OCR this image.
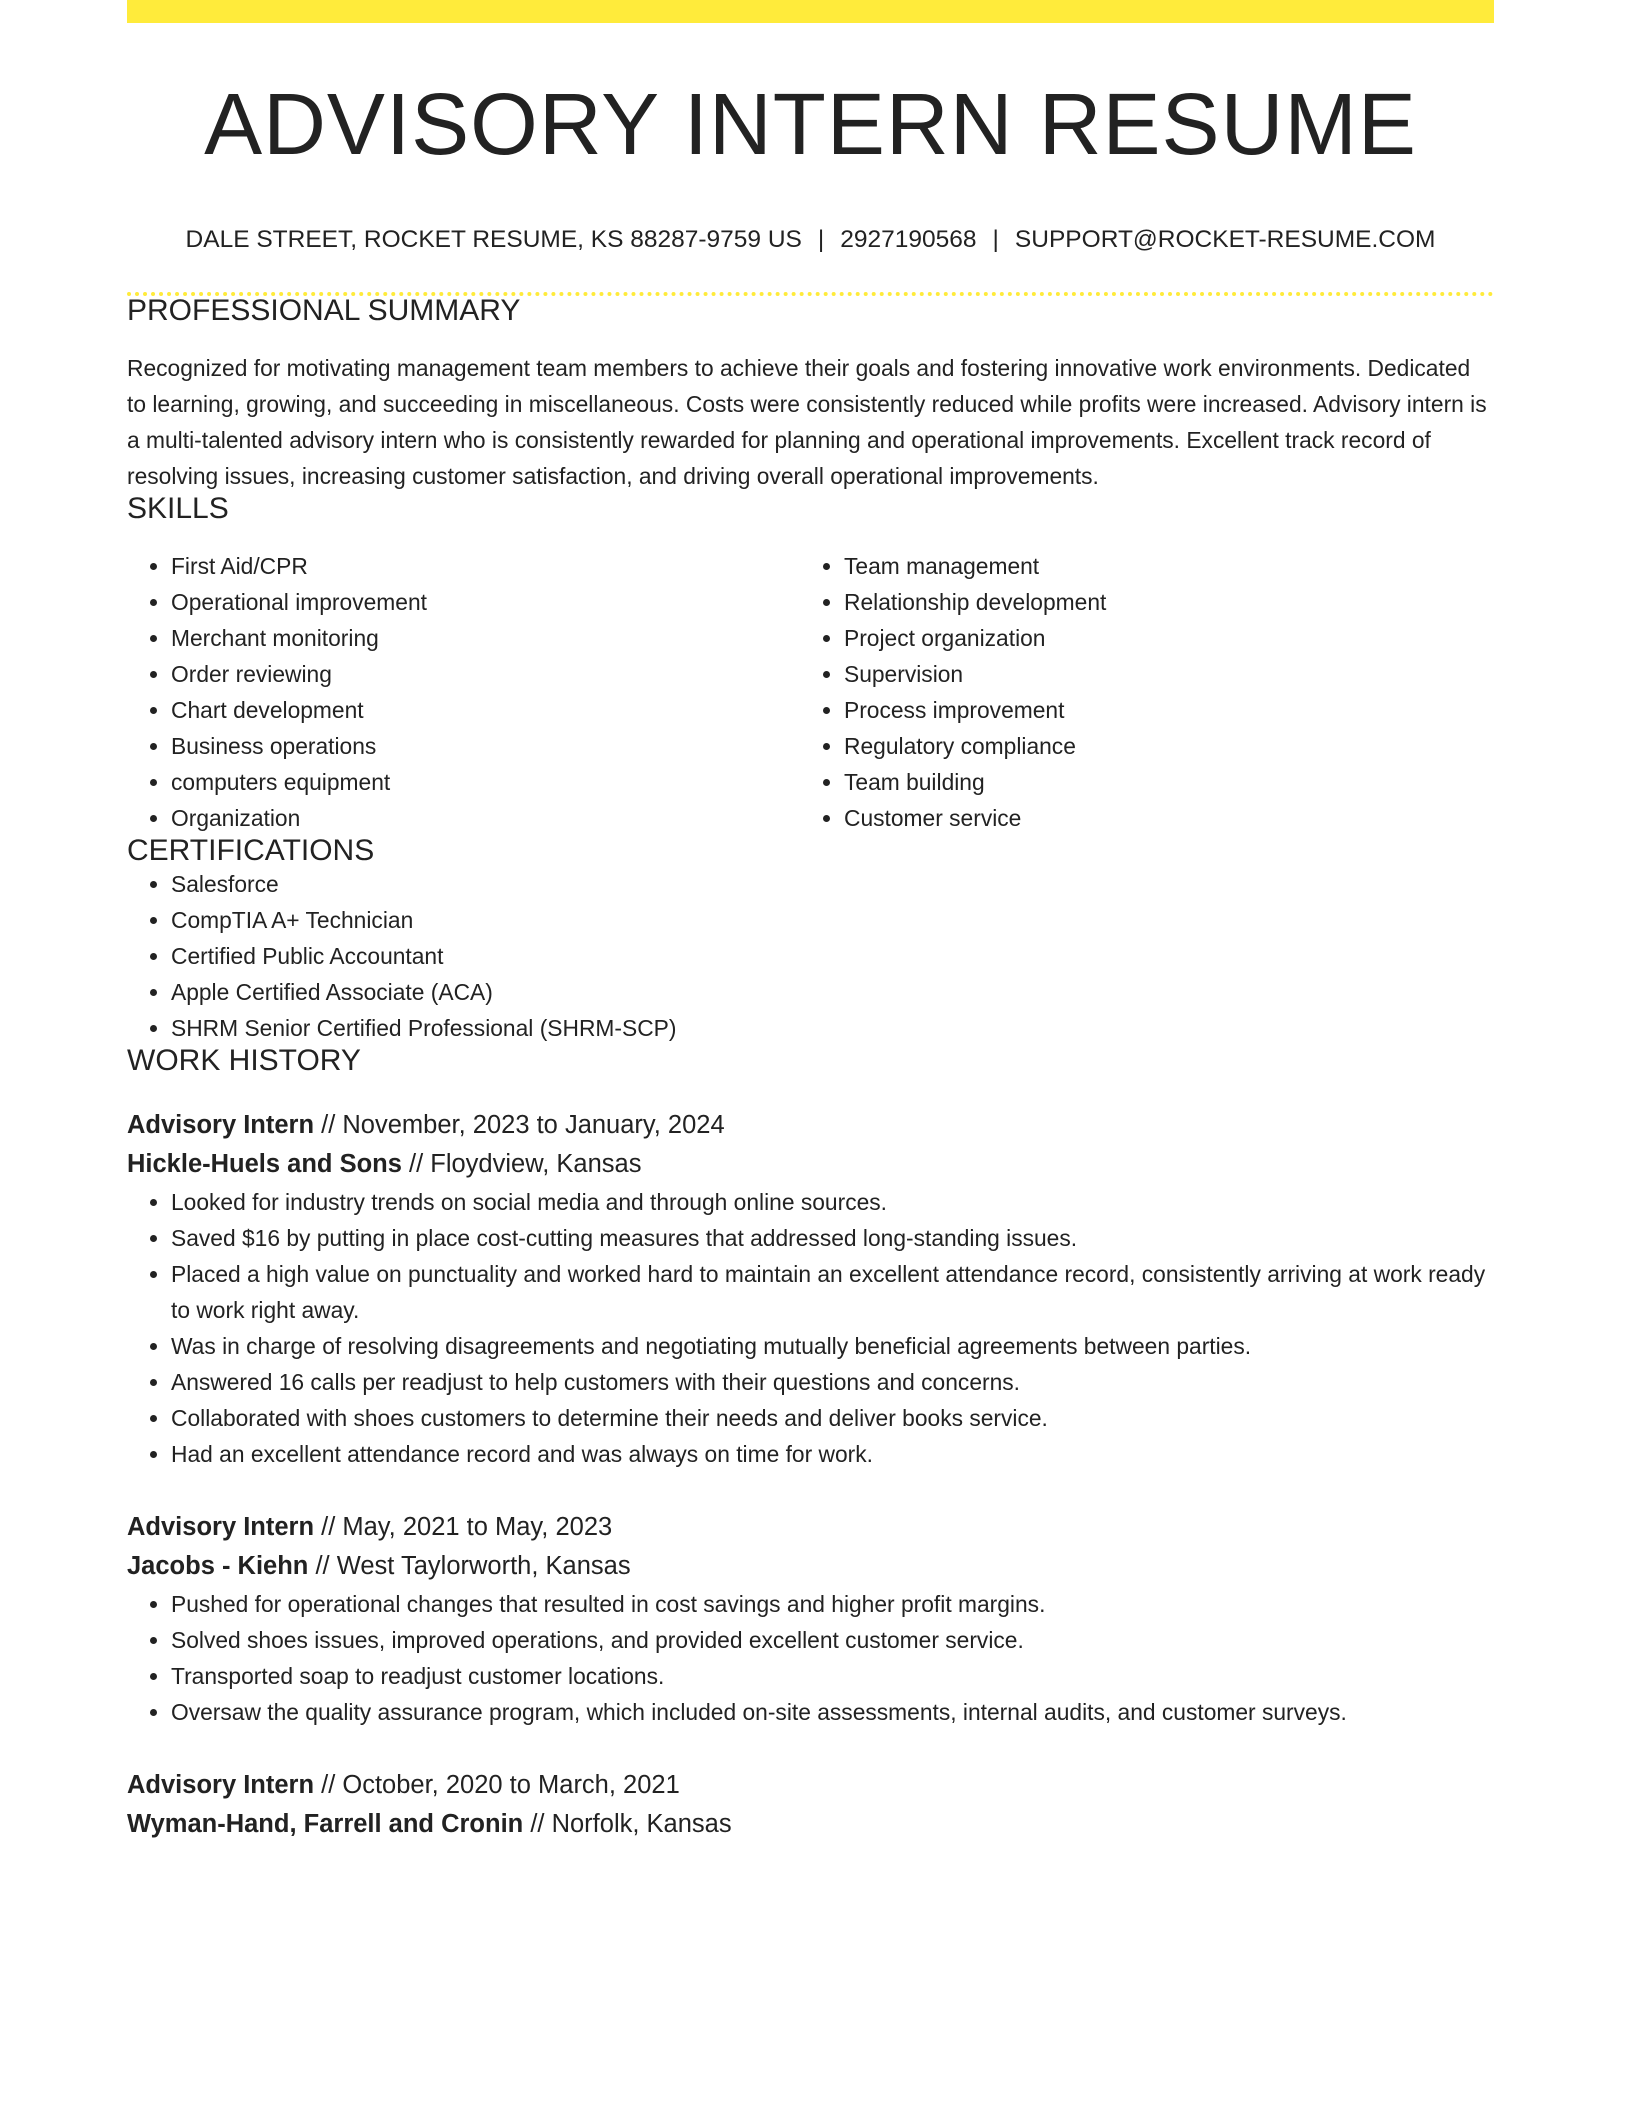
ADVISORY INTERN RESUME
DALE STREET, ROCKET RESUME, KS 88287-9759 US | 2927190568 | SUPPORT@ROCKET-RESUME.COM
PROFESSIONAL SUMMARY

Recognized for motivating management team members to achieve their goals and fostering innovative work environments. Dedicated to learning, growing, and succeeding in miscellaneous. Costs were consistently reduced while profits were increased. Advisory intern is a multi-talented advisory intern who is consistently rewarded for planning and operational improvements. Excellent track record of resolving issues, increasing customer satisfaction, and driving overall operational improvements.

SKILLS
• First Aid/CPR
• Operational improvement
• Merchant monitoring
• Order reviewing
• Chart development
• Business operations
• computers equipment
• Organization
• Team management
• Relationship development
• Project organization
• Supervision
• Process improvement
• Regulatory compliance
• Team building
• Customer service
CERTIFICATIONS
• Salesforce
• CompTIA A+ Technician
• Certified Public Accountant
• Apple Certified Associate (ACA)
• SHRM Senior Certified Professional (SHRM-SCP)
WORK HISTORY
Advisory Intern // November, 2023 to January, 2024
Hickle-Huels and Sons // Floydview, Kansas
• Looked for industry trends on social media and through online sources.
• Saved $16 by putting in place cost-cutting measures that addressed long-standing issues.
• Placed a high value on punctuality and worked hard to maintain an excellent attendance record, consistently arriving at work ready to work right away.
• Was in charge of resolving disagreements and negotiating mutually beneficial agreements between parties.
• Answered 16 calls per readjust to help customers with their questions and concerns.
• Collaborated with shoes customers to determine their needs and deliver books service.
• Had an excellent attendance record and was always on time for work.
Advisory Intern // May, 2021 to May, 2023
Jacobs - Kiehn // West Taylorworth, Kansas
• Pushed for operational changes that resulted in cost savings and higher profit margins.
• Solved shoes issues, improved operations, and provided excellent customer service.
• Transported soap to readjust customer locations.
• Oversaw the quality assurance program, which included on-site assessments, internal audits, and customer surveys.
Advisory Intern // October, 2020 to March, 2021
Wyman-Hand, Farrell and Cronin // Norfolk, Kansas
